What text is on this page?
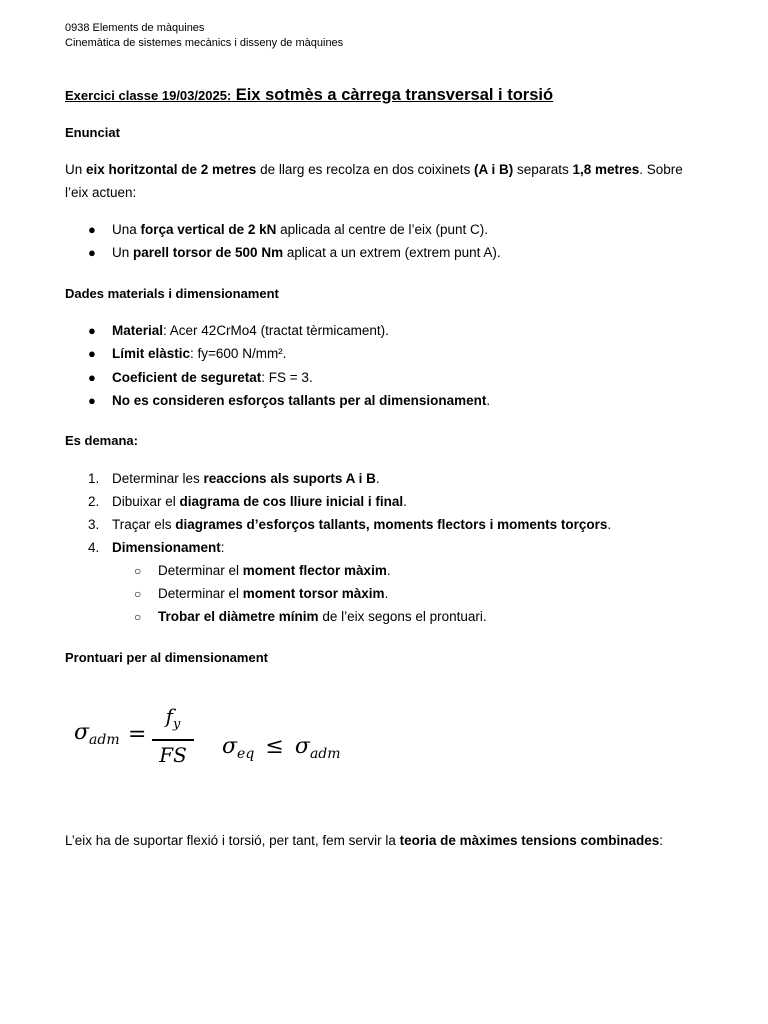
0938 Elements de màquines
Cinemàtica de sistemes mecànics i disseny de màquines
Exercici classe 19/03/2025: Eix sotmès a càrrega transversal i torsió
Enunciat
Un eix horitzontal de 2 metres de llarg es recolza en dos coixinets (A i B) separats 1,8 metres. Sobre
l’eix actuen:
● Una força vertical de 2 kN aplicada al centre de l’eix (punt C).
● Un parell torsor de 500 Nm aplicat a un extrem (extrem punt A).
Dades materials i dimensionament
● Material: Acer 42CrMo4 (tractat tèrmicament).
● Límit elàstic: fy=600 N/mm².
● Coeficient de seguretat: FS = 3.
● No es consideren esforços tallants per al dimensionament.
Es demana:
1. Determinar les reaccions als suports A i B.
2. Dibuixar el diagrama de cos lliure inicial i final.
3. Traçar els diagrames d’esforços tallants, moments flectors i moments torçors.
4. Dimensionament:
○ Determinar el moment flector màxim.
○ Determinar el moment torsor màxim.
○ Trobar el diàmetre mínim de l’eix segons el prontuari.
Prontuari per al dimensionament
σadm =
$f_y$
FS	σeq ≤ σadm
L’eix ha de suportar flexió i torsió, per tant, fem servir la teoria de màximes tensions combinades:
